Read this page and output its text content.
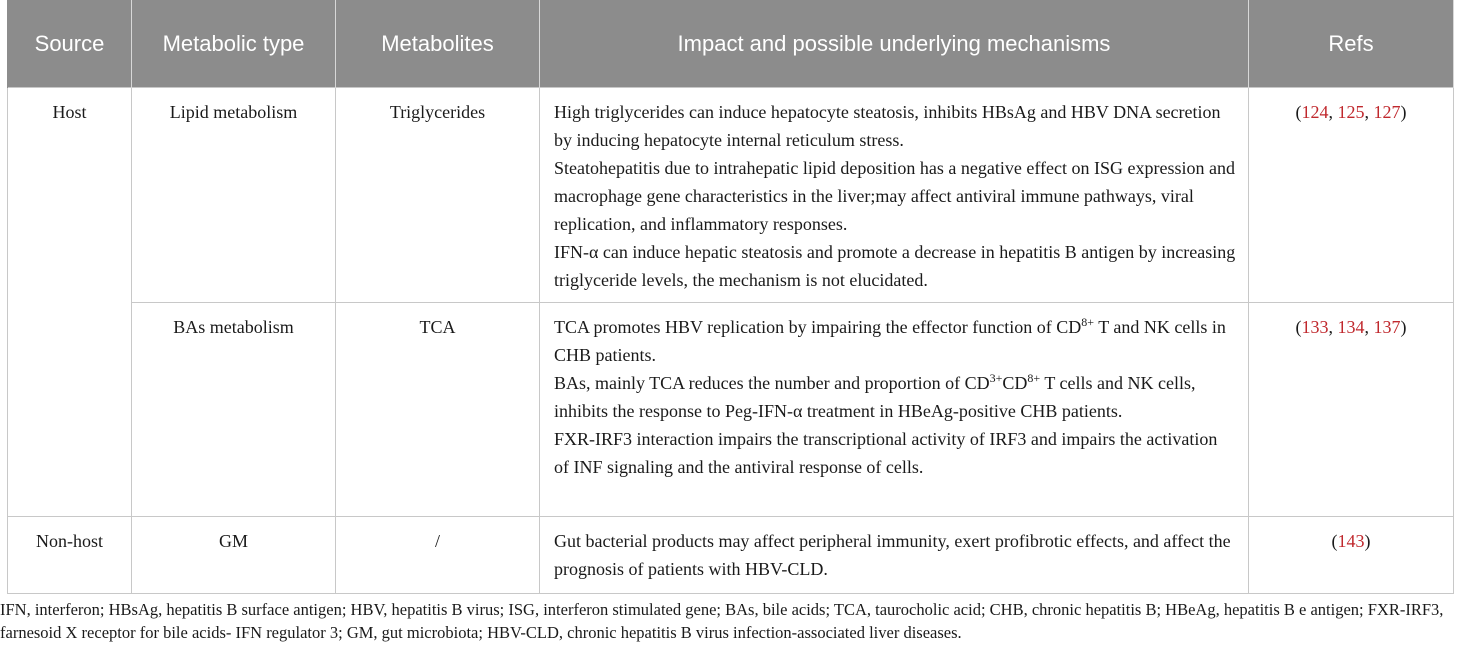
Source	Metabolic type	Metabolites	Impact and possible underlying mechanisms	Refs
Host	Lipid metabolism	Triglycerides	High triglycerides can induce hepatocyte steatosis, inhibits HBsAg and HBV DNA secretion by inducing hepatocyte internal reticulum stress.
Steatohepatitis due to intrahepatic lipid deposition has a negative effect on ISG expression and macrophage gene characteristics in the liver;may affect antiviral immune pathways, viral replication, and inflammatory responses.
IFN-α can induce hepatic steatosis and promote a decrease in hepatitis B antigen by increasing triglyceride levels, the mechanism is not elucidated.	(124, 125, 127)
	BAs metabolism	TCA	TCA promotes HBV replication by impairing the effector function of $CD^{8+}$ T and NK cells in CHB patients.
BAs, mainly TCA reduces the number and proportion of $CD^{3+}CD^{8+}$ T cells and NK cells, inhibits the response to Peg-IFN-α treatment in HBeAg-positive CHB patients.
FXR-IRF3 interaction impairs the transcriptional activity of IRF3 and impairs the activation of INF signaling and the antiviral response of cells.	(133, 134, 137)
Non-host	GM	/	Gut bacterial products may affect peripheral immunity, exert profibrotic effects, and affect the prognosis of patients with HBV-CLD.	(143)
IFN, interferon; HBsAg, hepatitis B surface antigen; HBV, hepatitis B virus; ISG, interferon stimulated gene; BAs, bile acids; TCA, taurocholic acid; CHB, chronic hepatitis B; HBeAg, hepatitis B e antigen; FXR-IRF3, farnesoid X receptor for bile acids- IFN regulator 3; GM, gut microbiota; HBV-CLD, chronic hepatitis B virus infection-associated liver diseases.
